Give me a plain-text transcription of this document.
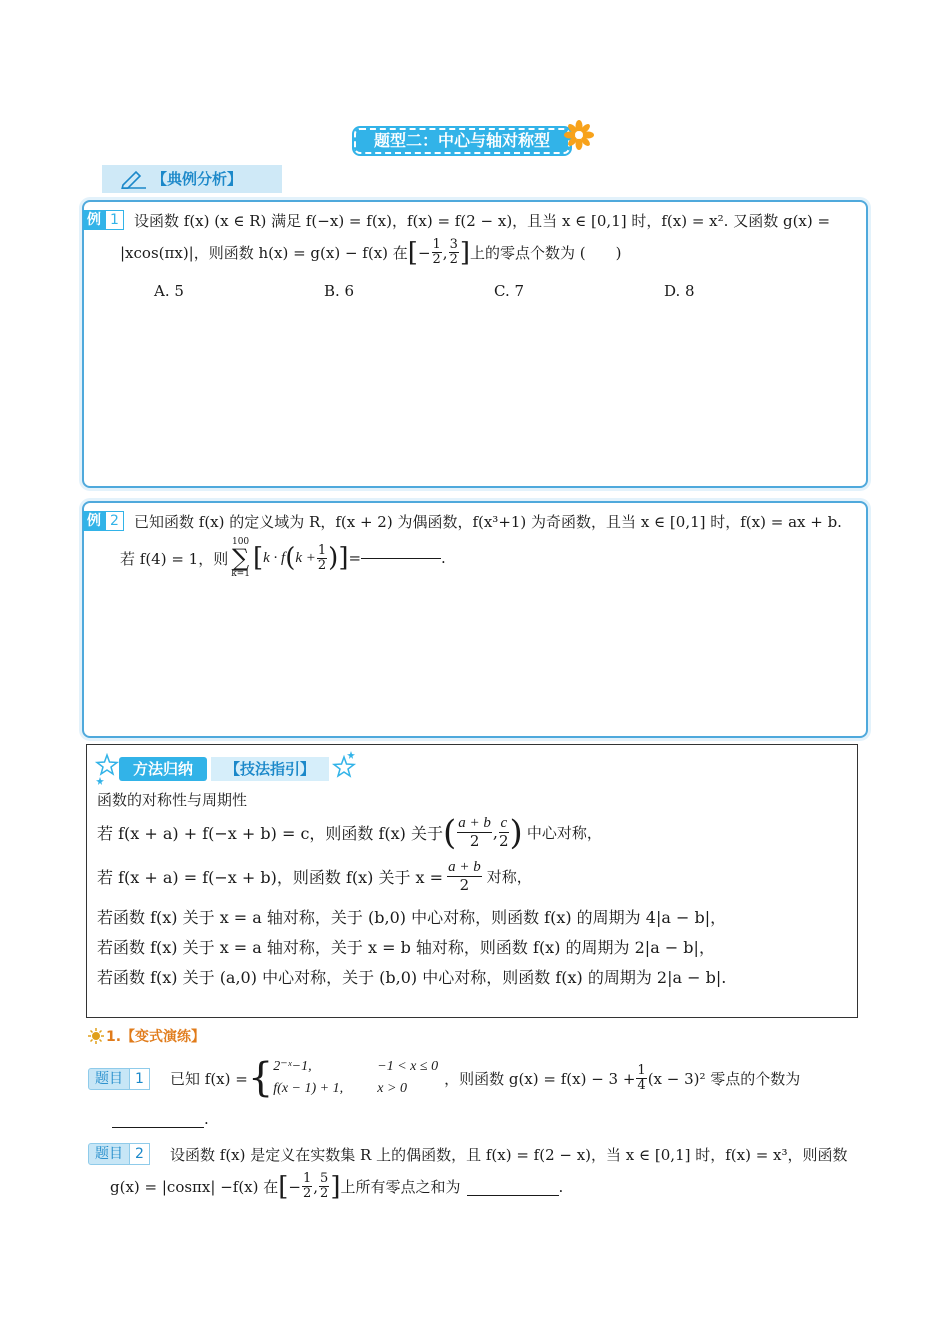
题型二：中心与轴对称型
【典例分析】
例 1	设函数 f(x) (x ∈ R) 满足 f(−x) = f(x)，f(x) = f(2 − x)，且当 x ∈ [0,1] 时，f(x) = x². 又函数 g(x) =
|xcos(πx)|，则函数 h(x) = g(x) − f(x) 在 [ − $\frac{1}{2}$ , $\frac{3}{2}$ ] 上的零点个数为 (　　)
A. 5	B. 6	C. 7	D. 8
例 2	已知函数 f(x) 的定义域为 R，f(x + 2) 为偶函数，f(x³+1) 为奇函数，且当 x ∈ [0,1] 时，f(x) = ax + b.
若 f(4) = 1，则
100
∑
k=1
[ k · f ( $k + \frac{1}{2}$ ) ] =	.
方法归纳	【技法指引】
函数的对称性与周期性
若 f(x + a) + f(−x + b) = c，则函数 f(x) 关于 ( $\frac{a + b}{2}$ , $\frac{c}{2}$ ) 中心对称，
若 f(x + a) = f(−x + b)，则函数 f(x) 关于 $x = \frac{a + b}{2}$ 对称，
若函数 f(x) 关于 x = a 轴对称，关于 (b,0) 中心对称，则函数 f(x) 的周期为 4|a − b|，
若函数 f(x) 关于 x = a 轴对称，关于 x = b 轴对称，则函数 f(x) 的周期为 2|a − b|，
若函数 f(x) 关于 (a,0) 中心对称，关于 (b,0) 中心对称，则函数 f(x) 的周期为 2|a − b|.
1.【变式演练】
题目 1	已知 f(x) = { 2⁻ˣ−1,	−1 < x ≤ 0
f(x − 1) + 1,	x > 0
，则函数 $g(x) = f(x) - 3 + \frac{1}{4} (x - 3)^2$ 零点的个数为
.
题目 2	设函数 f(x) 是定义在实数集 R 上的偶函数，且 f(x) = f(2 − x)，当 x ∈ [0,1] 时，f(x) = x³，则函数
g(x) = |cosπx| −f(x) 在 [ − $\frac{1}{2}$ , $\frac{5}{2}$ ] 上所有零点之和为	.
